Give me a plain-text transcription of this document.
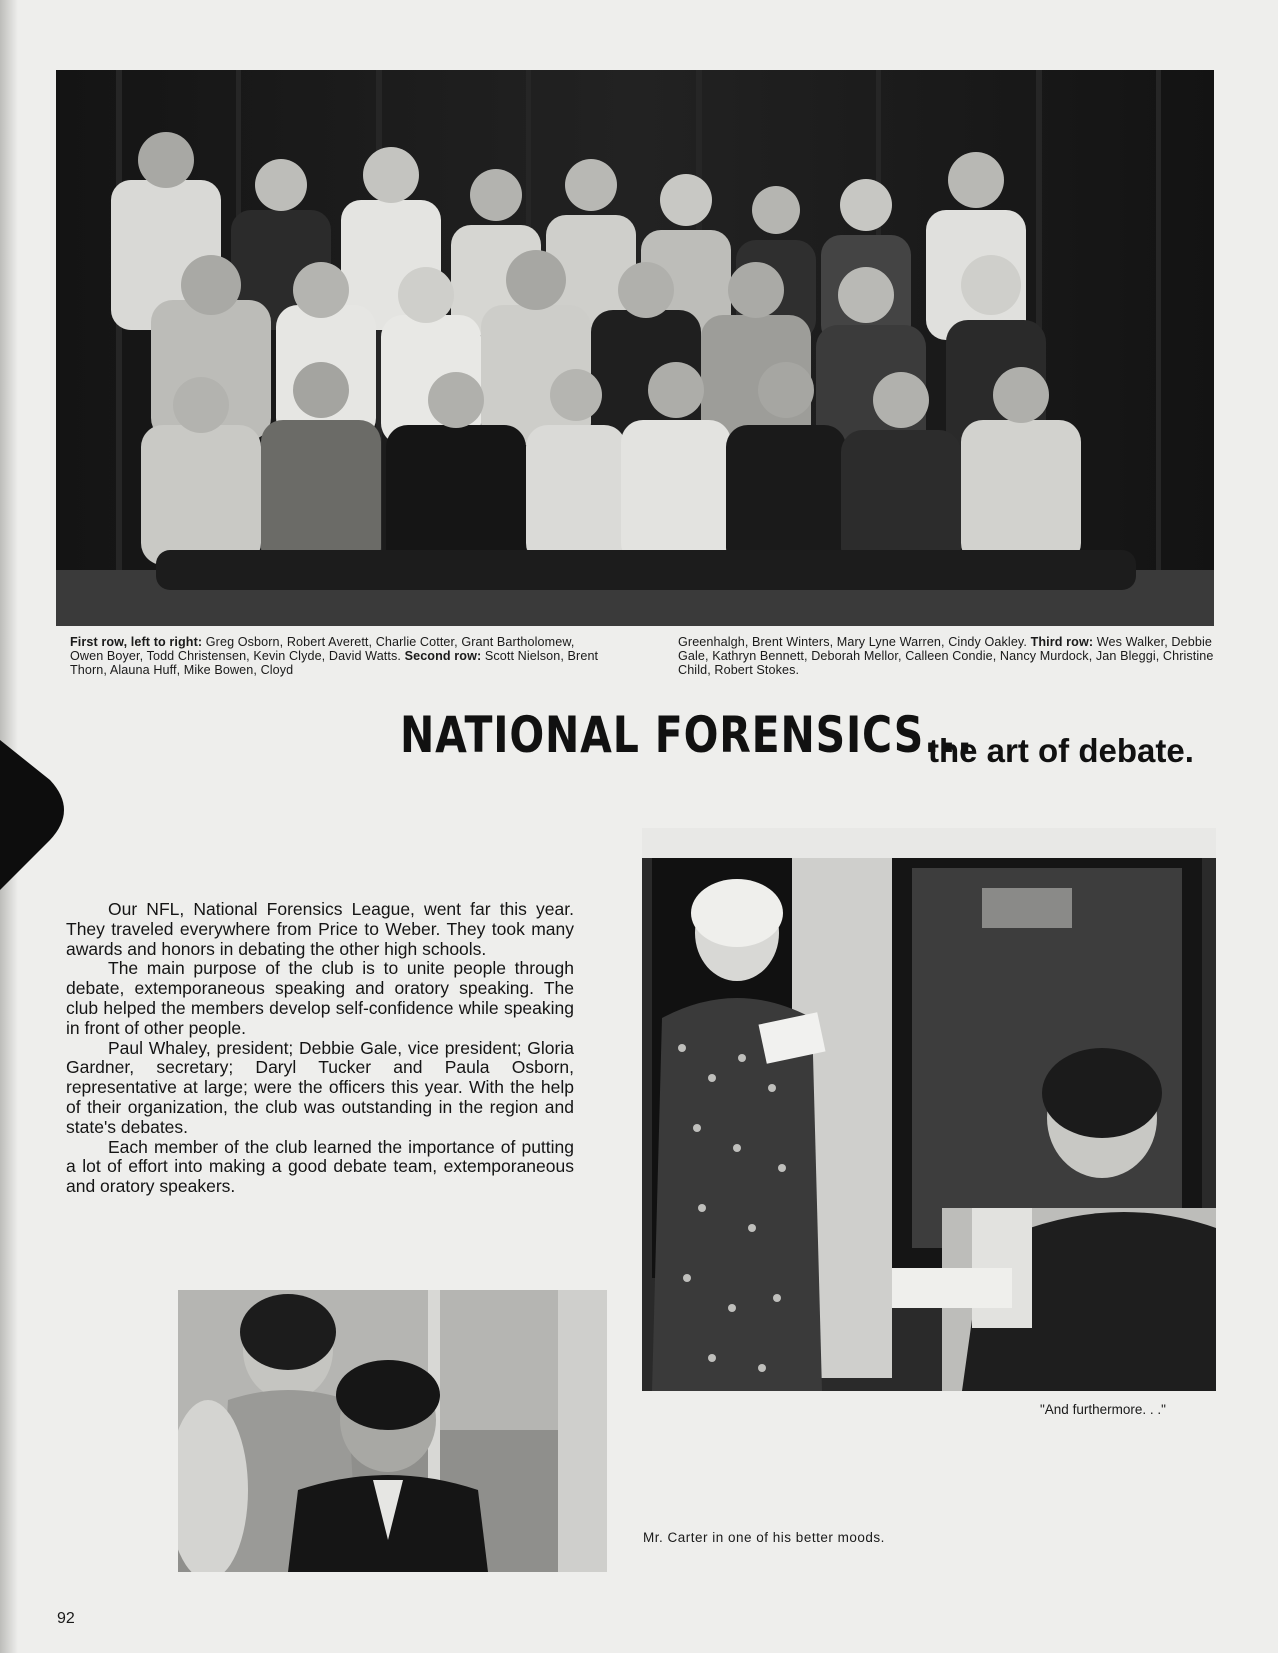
First row, left to right: Greg Osborn, Robert Averett, Charlie Cotter, Grant Bartholomew, Owen Boyer, Todd Christensen, Kevin Clyde, David Watts. Second row: Scott Nielson, Brent Thorn, Alauna Huff, Mike Bowen, Cloyd
Greenhalgh, Brent Winters, Mary Lyne Warren, Cindy Oakley. Third row: Wes Walker, Debbie Gale, Kathryn Bennett, Deborah Mellor, Calleen Condie, Nancy Murdock, Jan Bleggi, Christine Child, Robert Stokes.
NATIONAL FORENSICS...
the art of debate.

Our NFL, National Forensics League, went far this year. They traveled everywhere from Price to Weber. They took many awards and honors in debating the other high schools.

The main purpose of the club is to unite people through debate, extemporaneous speaking and oratory speaking. The club helped the members develop self-confidence while speaking in front of other people.

Paul Whaley, president; Debbie Gale, vice president; Gloria Gardner, secretary; Daryl Tucker and Paula Osborn, representative at large; were the officers this year. With the help of their organization, the club was outstanding in the region and state's debates.

Each member of the club learned the importance of putting a lot of effort into making a good debate team, extemporaneous and oratory speakers.

"And furthermore. . ."
Mr. Carter in one of his better moods.
92
